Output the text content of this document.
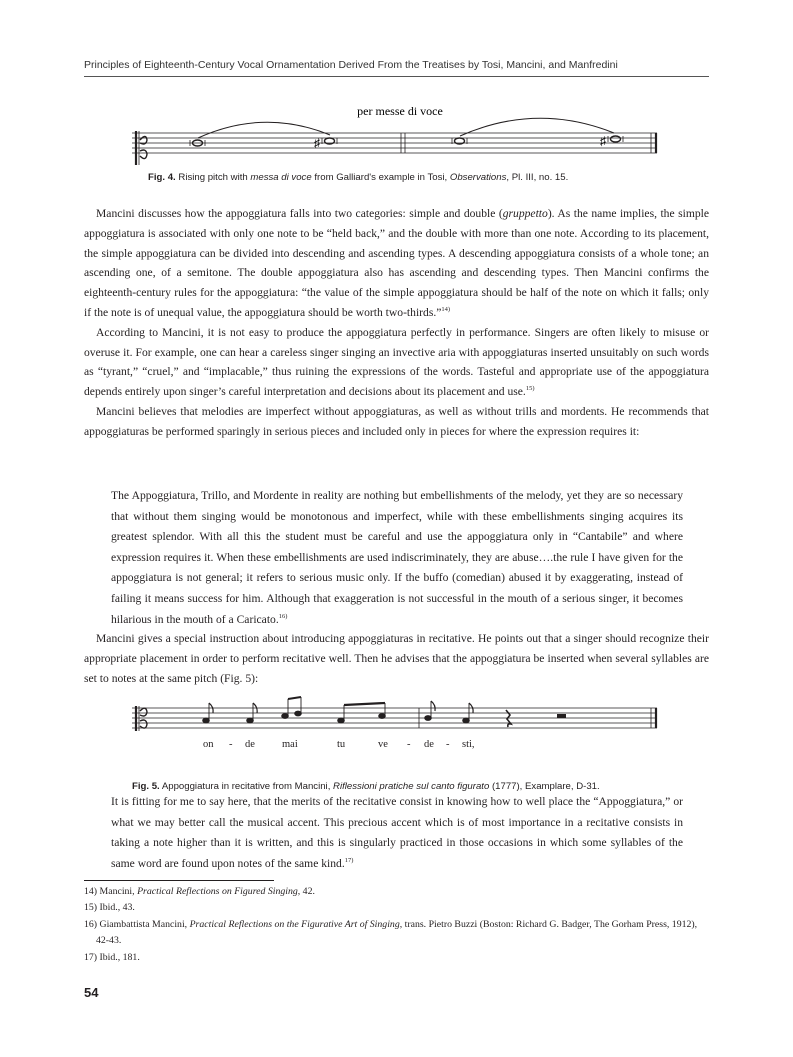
Principles of Eighteenth-Century Vocal Ornamentation Derived From the Treatises by Tosi, Mancini, and Manfredini
per messe di voce
♯	♯
Fig. 4. Rising pitch with messa di voce from Galliard's example in Tosi, Observations, Pl. III, no. 15.

Mancini discusses how the appoggiatura falls into two categories: simple and double (gruppetto). As the name implies, the simple appoggiatura is associated with only one note to be “held back,” and the double with more than one note. According to its placement, the simple appoggiatura can be divided into descending and ascending types. A descending appoggiatura consists of a whole tone; an ascending one, of a semitone. The double appoggiatura also has ascending and descending types. Then Mancini confirms the eighteenth-century rules for the appoggiatura: “the value of the simple appoggiatura should be half of the note on which it falls; only if the note is of unequal value, the appoggiatura should be worth two-thirds.”$^{14)}$

According to Mancini, it is not easy to produce the appoggiatura perfectly in performance. Singers are often likely to misuse or overuse it. For example, one can hear a careless singer singing an invective aria with appoggiaturas inserted unsuitably on such words as “tyrant,” “cruel,” and “implacable,” thus ruining the expressions of the words. Tasteful and appropriate use of the appoggiatura depends entirely upon singer’s careful interpretation and decisions about its placement and use.$^{15)}$

Mancini believes that melodies are imperfect without appoggiaturas, as well as without trills and mordents. He recommends that appoggiaturas be performed sparingly in serious pieces and included only in pieces for where the expression requires it:

The Appoggiatura, Trillo, and Mordente in reality are nothing but embellishments of the melody, yet they are so necessary that without them singing would be monotonous and imperfect, while with these embellishments singing acquires its greatest splendor. With all this the student must be careful and use the appoggiatura only in “Cantabile” and where expression requires it. When these embellishments are used indiscriminately, they are abuse….the rule I have given for the appoggiatura is not general; it refers to serious music only. If the buffo (comedian) abused it by exaggerating, instead of failing it means success for him. Although that exaggeration is not successful in the mouth of a serious singer, it becomes hilarious in the mouth of a Caricato.$^{16)}$

Mancini gives a special instruction about introducing appoggiaturas in recitative. He points out that a singer should recognize their appropriate placement in order to perform recitative well. Then he advises that the appoggiatura be inserted when several syllables are set to notes at the same pitch (Fig. 5):

on - de	mai	tu	ve - de - sti,
Fig. 5. Appoggiatura in recitative from Mancini, Riflessioni pratiche sul canto figurato (1777), Examplare, D-31.

It is fitting for me to say here, that the merits of the recitative consist in knowing how to well place the “Appoggiatura,” or what we may better call the musical accent. This precious accent which is of most importance in a recitative consists in taking a note higher than it is written, and this is singularly practiced in those occasions in which some syllables of the same word are found upon notes of the same kind.$^{17)}$

14) Mancini, Practical Reflections on Figured Singing, 42.
15) Ibid., 43.
16) Giambattista Mancini, Practical Reflections on the Figurative Art of Singing, trans. Pietro Buzzi (Boston: Richard G. Badger, The Gorham Press, 1912), 42-43.
17) Ibid., 181.
54
